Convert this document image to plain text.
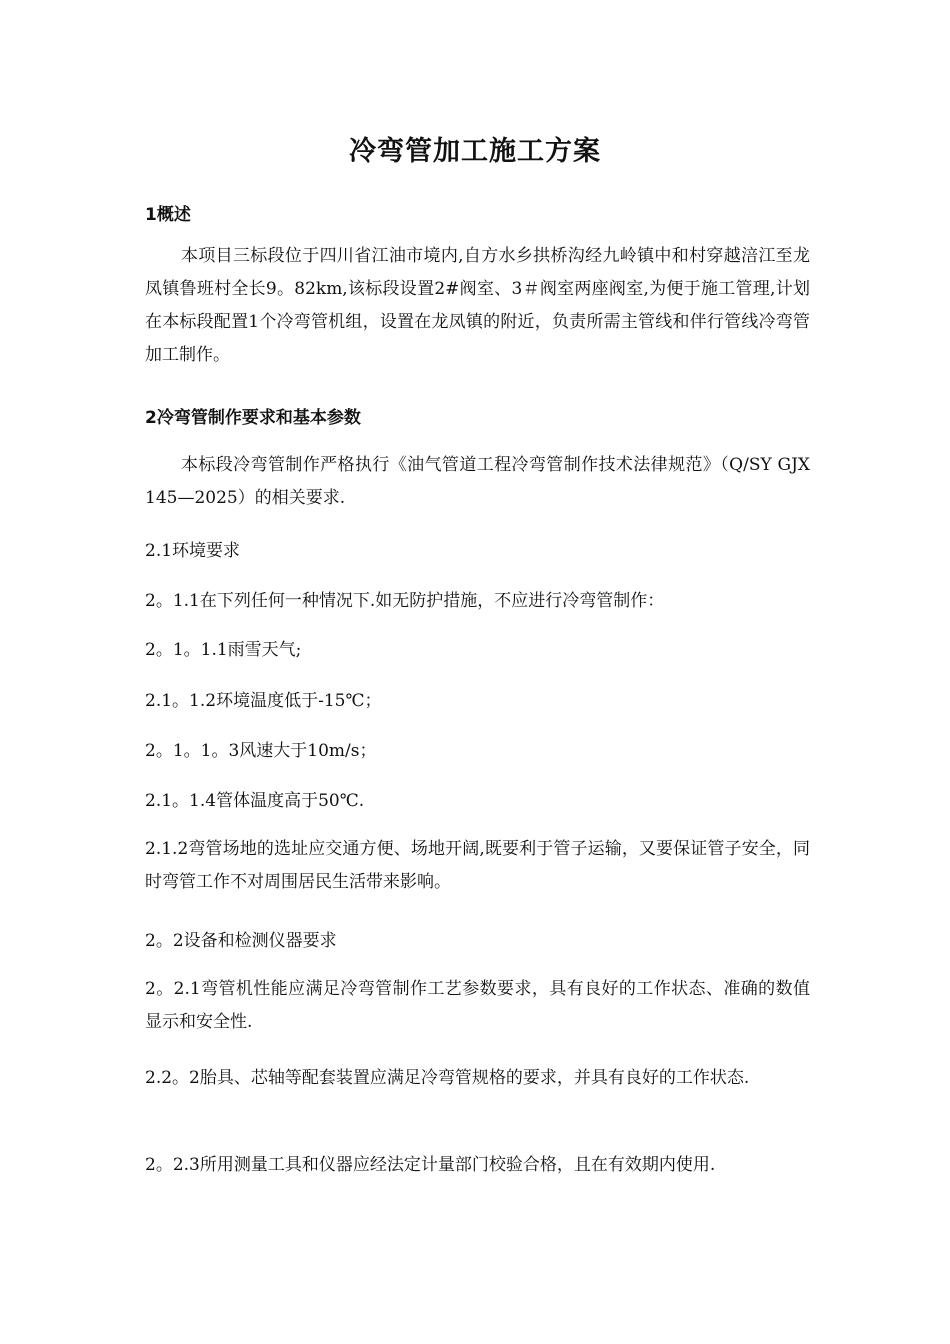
冷弯管加工施工方案
1概述

本项目三标段位于四川省江油市境内,自方水乡拱桥沟经九岭镇中和村穿越涪江至龙凤镇鲁班村全长9。82km,该标段设置2#阀室、3＃阀室两座阀室,为便于施工管理,计划在本标段配置1个冷弯管机组，设置在龙凤镇的附近，负责所需主管线和伴行管线冷弯管加工制作。

2冷弯管制作要求和基本参数

本标段冷弯管制作严格执行《油气管道工程冷弯管制作技术法律规范》（Q/SY GJX 145—2025）的相关要求.

2.1环境要求
2。1.1在下列任何一种情况下.如无防护措施，不应进行冷弯管制作：
2。1。1.1雨雪天气;
2.1。1.2环境温度低于-15℃；
2。1。1。3风速大于10m/s；
2.1。1.4管体温度高于50℃.

2.1.2弯管场地的选址应交通方便、场地开阔,既要利于管子运输，又要保证管子安全，同时弯管工作不对周围居民生活带来影响。

2。2设备和检测仪器要求

2。2.1弯管机性能应满足冷弯管制作工艺参数要求，具有良好的工作状态、准确的数值显示和安全性.

2.2。2胎具、芯轴等配套装置应满足冷弯管规格的要求，并具有良好的工作状态.

2。2.3所用测量工具和仪器应经法定计量部门校验合格，且在有效期内使用.
